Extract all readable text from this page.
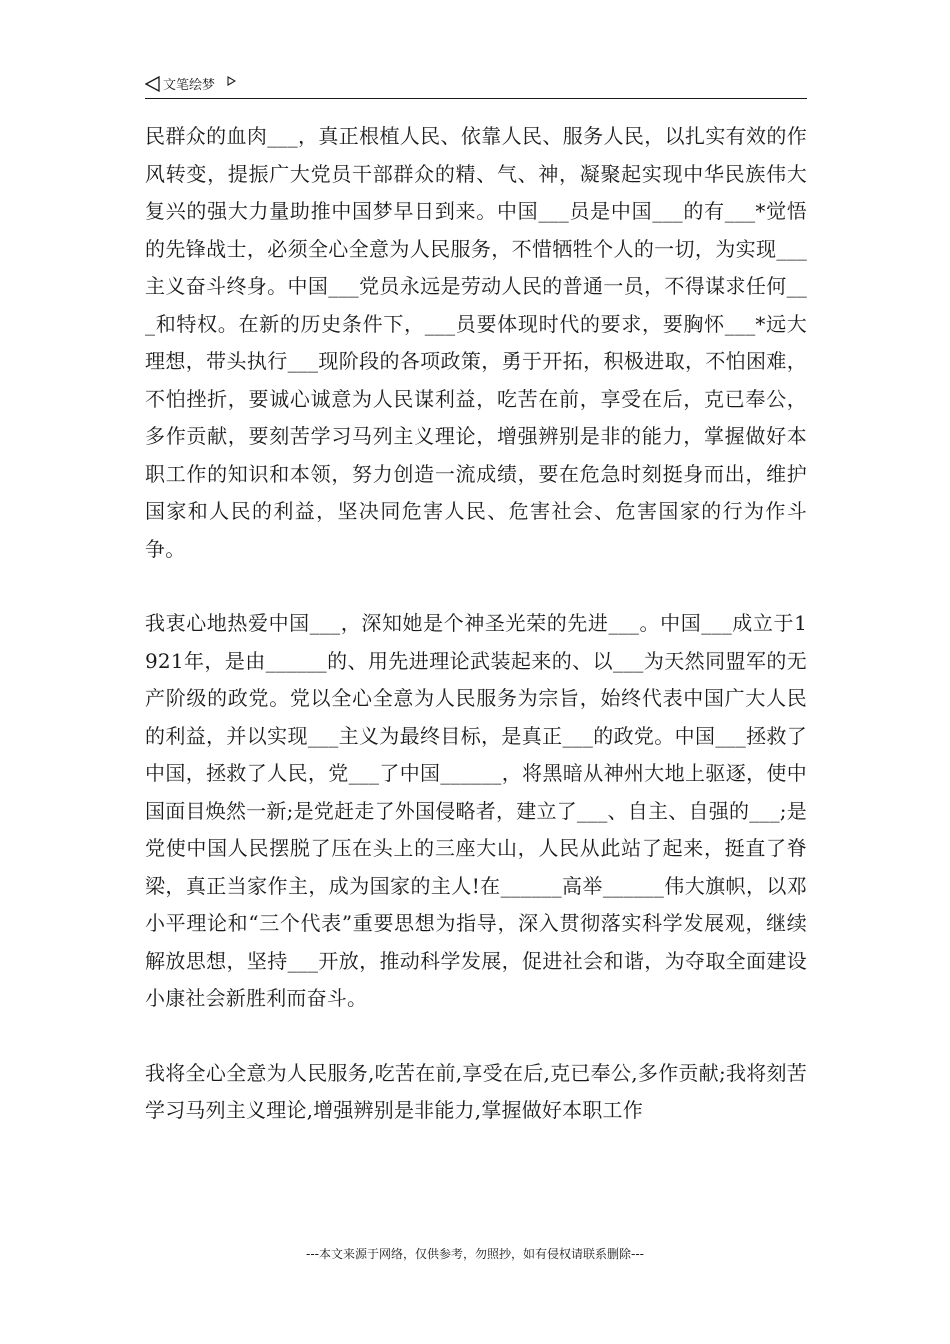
文笔绘梦

民群众的血肉___，真正根植人民、依靠人民、服务人民，以扎实有效的作风转变，提振广大党员干部群众的精、气、神，凝聚起实现中华民族伟大复兴的强大力量助推中国梦早日到来。中国___员是中国___的有___*觉悟的先锋战士，必须全心全意为人民服务，不惜牺牲个人的一切，为实现___主义奋斗终身。中国___党员永远是劳动人民的普通一员，不得谋求任何___和特权。在新的历史条件下，___员要体现时代的要求，要胸怀___*远大理想，带头执行___现阶段的各项政策，勇于开拓，积极进取，不怕困难，不怕挫折，要诚心诚意为人民谋利益，吃苦在前，享受在后，克已奉公，多作贡献，要刻苦学习马列主义理论，增强辨别是非的能力，掌握做好本职工作的知识和本领，努力创造一流成绩，要在危急时刻挺身而出，维护国家和人民的利益，坚决同危害人民、危害社会、危害国家的行为作斗争。

我衷心地热爱中国___，深知她是个神圣光荣的先进___。中国___成立于1921年，是由______的、用先进理论武装起来的、以___为天然同盟军的无产阶级的政党。党以全心全意为人民服务为宗旨，始终代表中国广大人民的利益，并以实现___主义为最终目标，是真正___的政党。中国___拯救了中国，拯救了人民，党___了中国______，将黑暗从神州大地上驱逐，使中国面目焕然一新;是党赶走了外国侵略者，建立了___、自主、自强的___;是党使中国人民摆脱了压在头上的三座大山，人民从此站了起来，挺直了脊梁，真正当家作主，成为国家的主人!在______高举______伟大旗帜，以邓小平理论和“三个代表”重要思想为指导，深入贯彻落实科学发展观，继续解放思想，坚持___开放，推动科学发展，促进社会和谐，为夺取全面建设小康社会新胜利而奋斗。

我将全心全意为人民服务,吃苦在前,享受在后,克已奉公,多作贡献;我将刻苦学习马列主义理论,增强辨别是非能力,掌握做好本职工作

---本文来源于网络，仅供参考，勿照抄，如有侵权请联系删除---
